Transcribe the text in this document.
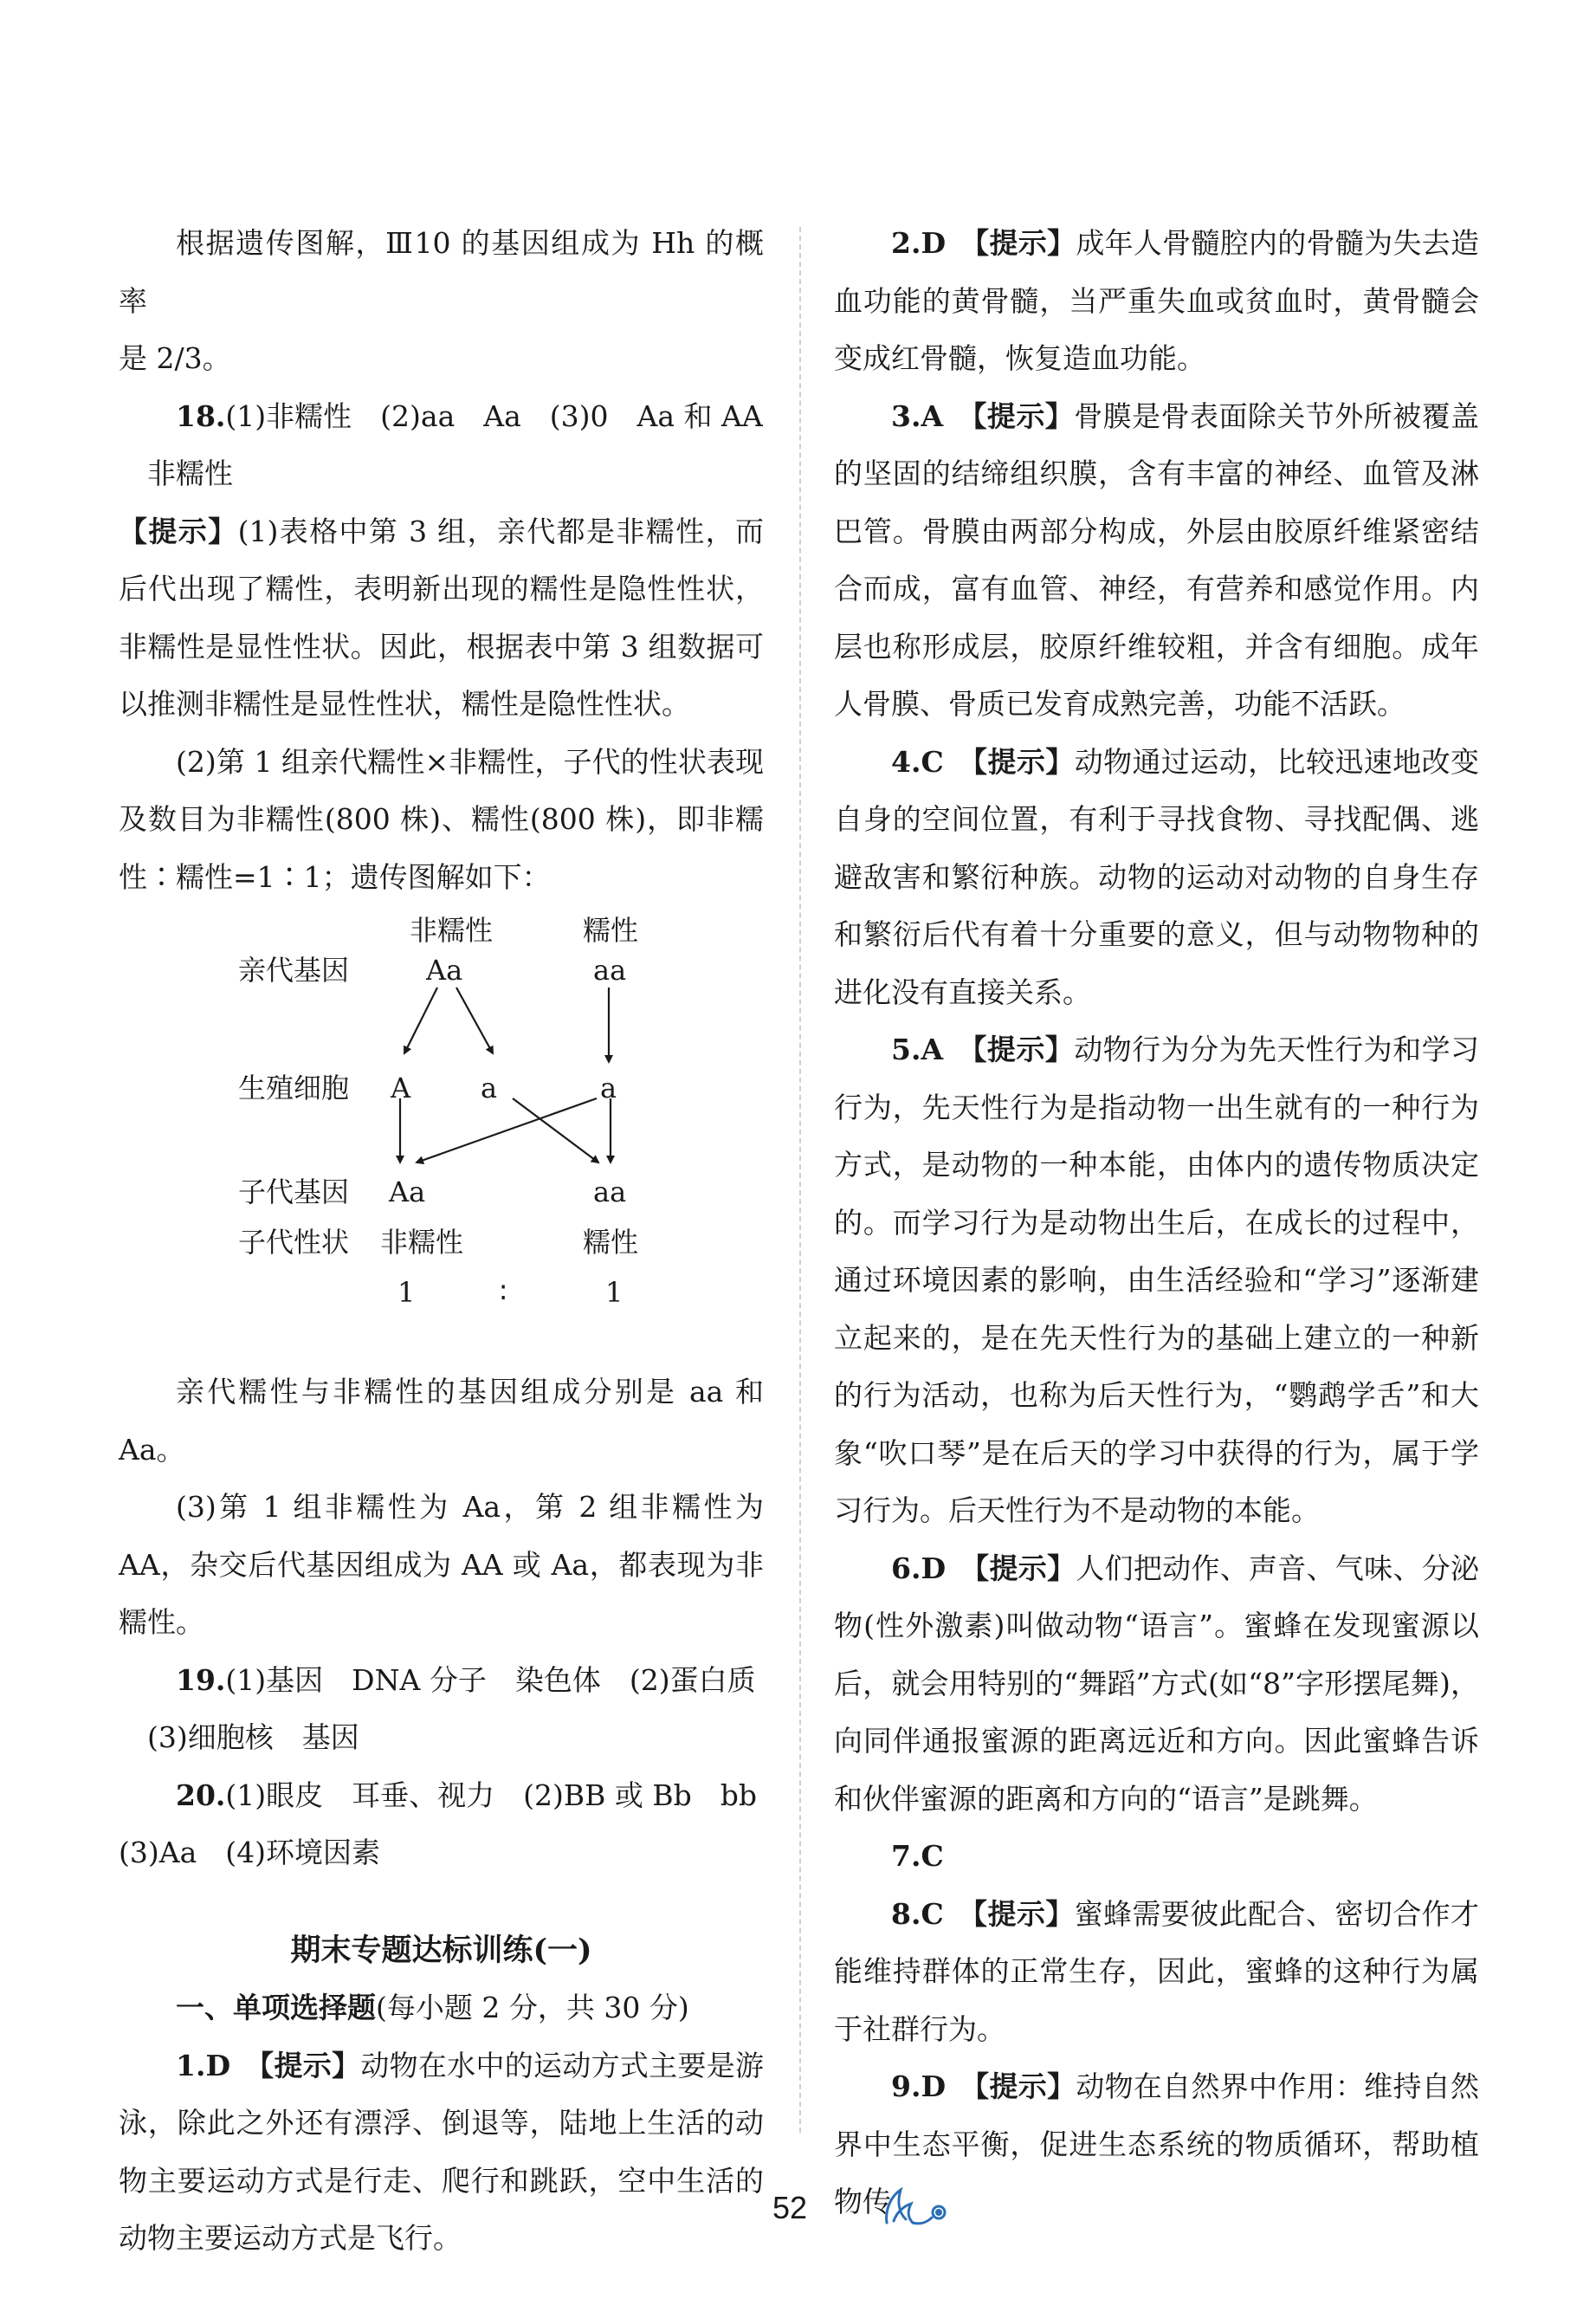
根据遗传图解，Ⅲ10 的基因组成为 Hh 的概率

是 2/3。

18.(1)非糯性　(2)aa　Aa　(3)0　Aa 和 AA

非糯性

【提示】(1)表格中第 3 组，亲代都是非糯性，而后代出现了糯性，表明新出现的糯性是隐性性状，非糯性是显性性状。因此，根据表中第 3 组数据可以推测非糯性是显性性状，糯性是隐性性状。

(2)第 1 组亲代糯性×非糯性，子代的性状表现及数目为非糯性(800 株)、糯性(800 株)，即非糯性∶糯性=1∶1；遗传图解如下：

非糯性	糯性
亲代基因	Aa	aa
生殖细胞 A	a	a
子代基因 Aa	aa
子代性状 非糯性	糯性
1	∶	1

亲代糯性与非糯性的基因组成分别是 aa 和 Aa。

(3)第 1 组非糯性为 Aa，第 2 组非糯性为 AA，杂交后代基因组成为 AA 或 Aa，都表现为非糯性。

19.(1)基因　DNA 分子　染色体　(2)蛋白质

(3)细胞核　基因

20.(1)眼皮　耳垂、视力　(2)BB 或 Bb　bb

(3)Aa　(4)环境因素

期末专题达标训练(一)

一、单项选择题(每小题 2 分，共 30 分)

1.D　 【提示】动物在水中的运动方式主要是游泳，除此之外还有漂浮、倒退等，陆地上生活的动物主要运动方式是行走、爬行和跳跃，空中生活的动物主要运动方式是飞行。

2.D　 【提示】成年人骨髓腔内的骨髓为失去造血功能的黄骨髓，当严重失血或贫血时，黄骨髓会变成红骨髓，恢复造血功能。

3.A　 【提示】骨膜是骨表面除关节外所被覆盖的坚固的结缔组织膜，含有丰富的神经、血管及淋巴管。骨膜由两部分构成，外层由胶原纤维紧密结合而成，富有血管、神经，有营养和感觉作用。内层也称形成层，胶原纤维较粗，并含有细胞。成年人骨膜、骨质已发育成熟完善，功能不活跃。

4.C　 【提示】动物通过运动，比较迅速地改变自身的空间位置，有利于寻找食物、寻找配偶、逃避敌害和繁衍种族。动物的运动对动物的自身生存和繁衍后代有着十分重要的意义，但与动物物种的进化没有直接关系。

5.A　 【提示】动物行为分为先天性行为和学习行为，先天性行为是指动物一出生就有的一种行为方式，是动物的一种本能，由体内的遗传物质决定的。而学习行为是动物出生后，在成长的过程中，通过环境因素的影响，由生活经验和“学习”逐渐建立起来的，是在先天性行为的基础上建立的一种新的行为活动，也称为后天性行为，“鹦鹉学舌”和大象“吹口琴”是在后天的学习中获得的行为，属于学习行为。后天性行为不是动物的本能。

6.D　 【提示】人们把动作、声音、气味、分泌物(性外激素)叫做动物“语言”。蜜蜂在发现蜜源以后，就会用特别的“舞蹈”方式(如“8”字形摆尾舞)，向同伴通报蜜源的距离远近和方向。因此蜜蜂告诉和伙伴蜜源的距离和方向的“语言”是跳舞。

7.C

8.C　 【提示】蜜蜂需要彼此配合、密切合作才能维持群体的正常生存，因此，蜜蜂的这种行为属于社群行为。

9.D　 【提示】动物在自然界中作用：维持自然界中生态平衡，促进生态系统的物质循环，帮助植物传

52
